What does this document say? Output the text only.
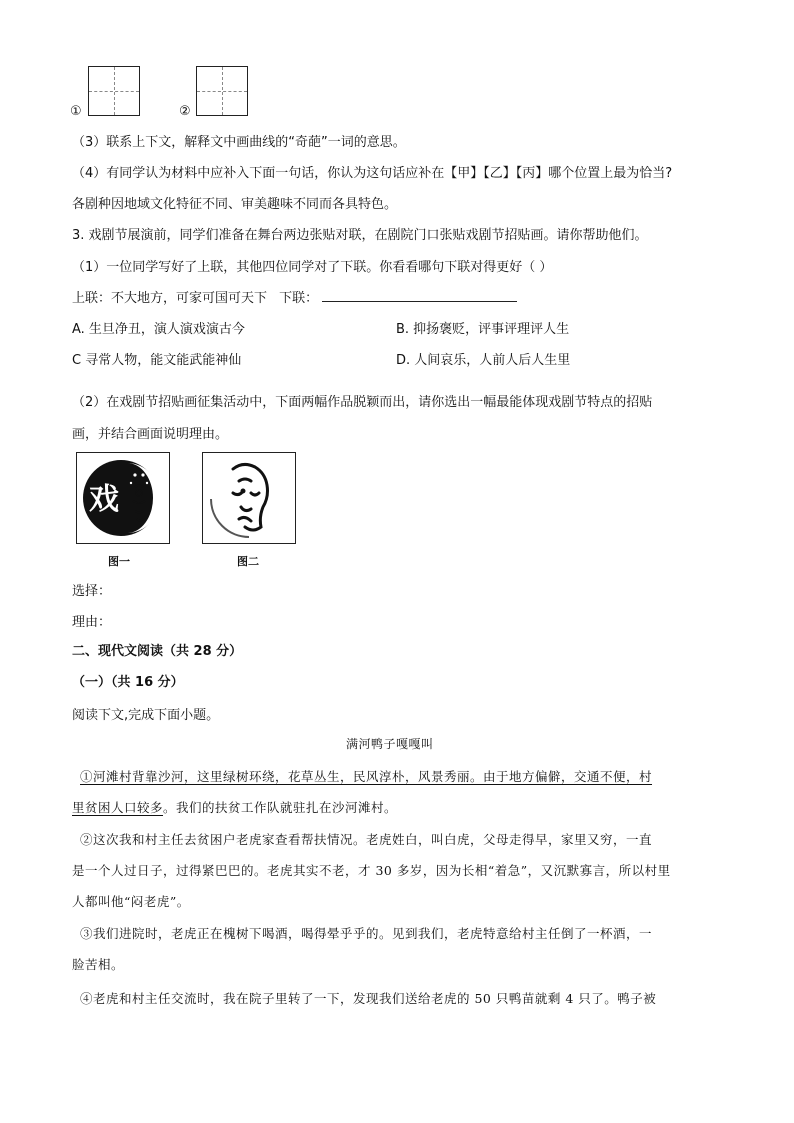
①	②
（3）联系上下文，解释文中画曲线的“奇葩”一词的意思。
（4）有同学认为材料中应补入下面一句话，你认为这句话应补在【甲】【乙】【丙】哪个位置上最为恰当?
各剧种因地域文化特征不同、审美趣味不同而各具特色。
3. 戏剧节展演前，同学们准备在舞台两边张贴对联，在剧院门口张贴戏剧节招贴画。请你帮助他们。
（1）一位同学写好了上联，其他四位同学对了下联。你看看哪句下联对得更好（ ）
上联：不大地方，可家可国可天下 下联：
A. 生旦净丑，演人演戏演古今	B. 抑扬褒贬，评事评理评人生
C 寻常人物，能文能武能神仙	D. 人间哀乐，人前人后人生里
（2）在戏剧节招贴画征集活动中，下面两幅作品脱颖而出，请你选出一幅最能体现戏剧节特点的招贴
画，并结合画面说明理由。
戏
图一	图二
选择：
理由：
二、现代文阅读（共 28 分）
（一）（共 16 分）
阅读下文,完成下面小题。
满河鸭子嘎嘎叫
①河滩村背靠沙河，这里绿树环绕，花草丛生，民风淳朴，风景秀丽。由于地方偏僻，交通不便，村
里贫困人口较多。我们的扶贫工作队就驻扎在沙河滩村。
②这次我和村主任去贫困户老虎家查看帮扶情况。老虎姓白，叫白虎，父母走得早，家里又穷，一直
是一个人过日子，过得紧巴巴的。老虎其实不老，才 30 多岁，因为长相“着急”，又沉默寡言，所以村里
人都叫他“闷老虎”。
③我们进院时，老虎正在槐树下喝酒，喝得晕乎乎的。见到我们，老虎特意给村主任倒了一杯酒，一
脸苦相。
④老虎和村主任交流时，我在院子里转了一下，发现我们送给老虎的 50 只鸭苗就剩 4 只了。鸭子被
